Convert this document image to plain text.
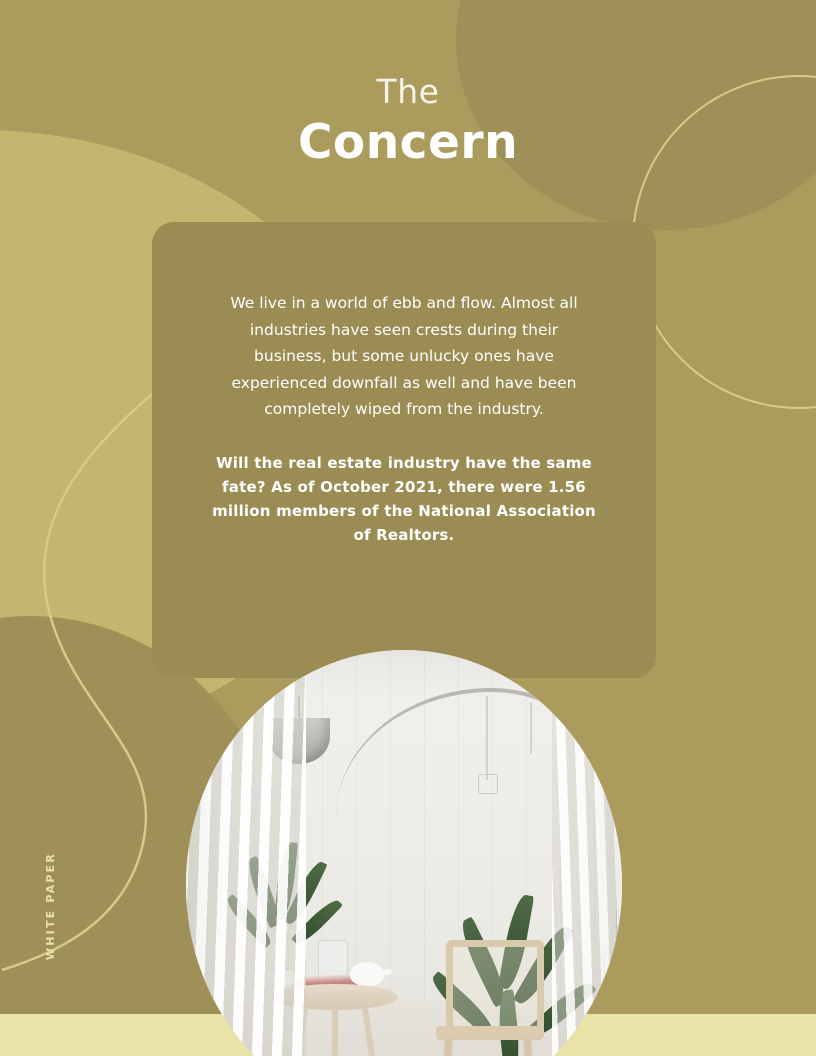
The
Concern

We live in a world of ebb and flow. Almost all industries have seen crests during their business, but some unlucky ones have experienced downfall as well and have been completely wiped from the industry.

Will the real estate industry have the same fate? As of October 2021, there were 1.56 million members of the National Association of Realtors.

WHITE PAPER
